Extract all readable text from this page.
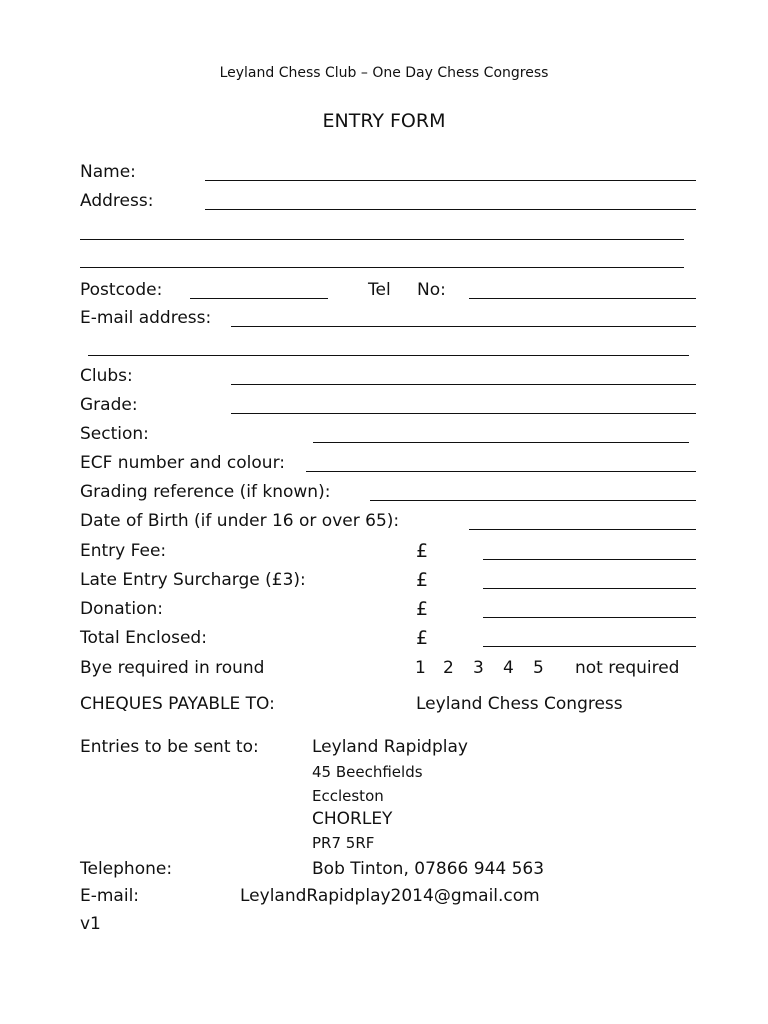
Leyland Chess Club – One Day Chess Congress
ENTRY FORM
Name:
Address:
Postcode:	Tel No:
E-mail address:
Clubs:
Grade:
Section:
ECF number and colour:
Grading reference (if known):
Date of Birth (if under 16 or over 65):
Entry Fee:	£
Late Entry Surcharge (£3):	£
Donation:	£
Total Enclosed:	£
Bye required in round	1 2 3 4 5 not required
CHEQUES PAYABLE TO:	Leyland Chess Congress
Entries to be sent to:	Leyland Rapidplay
45 Beechfields
Eccleston
CHORLEY
PR7 5RF
Telephone:	Bob Tinton, 07866 944 563
E-mail:	LeylandRapidplay2014@gmail.com
v1
